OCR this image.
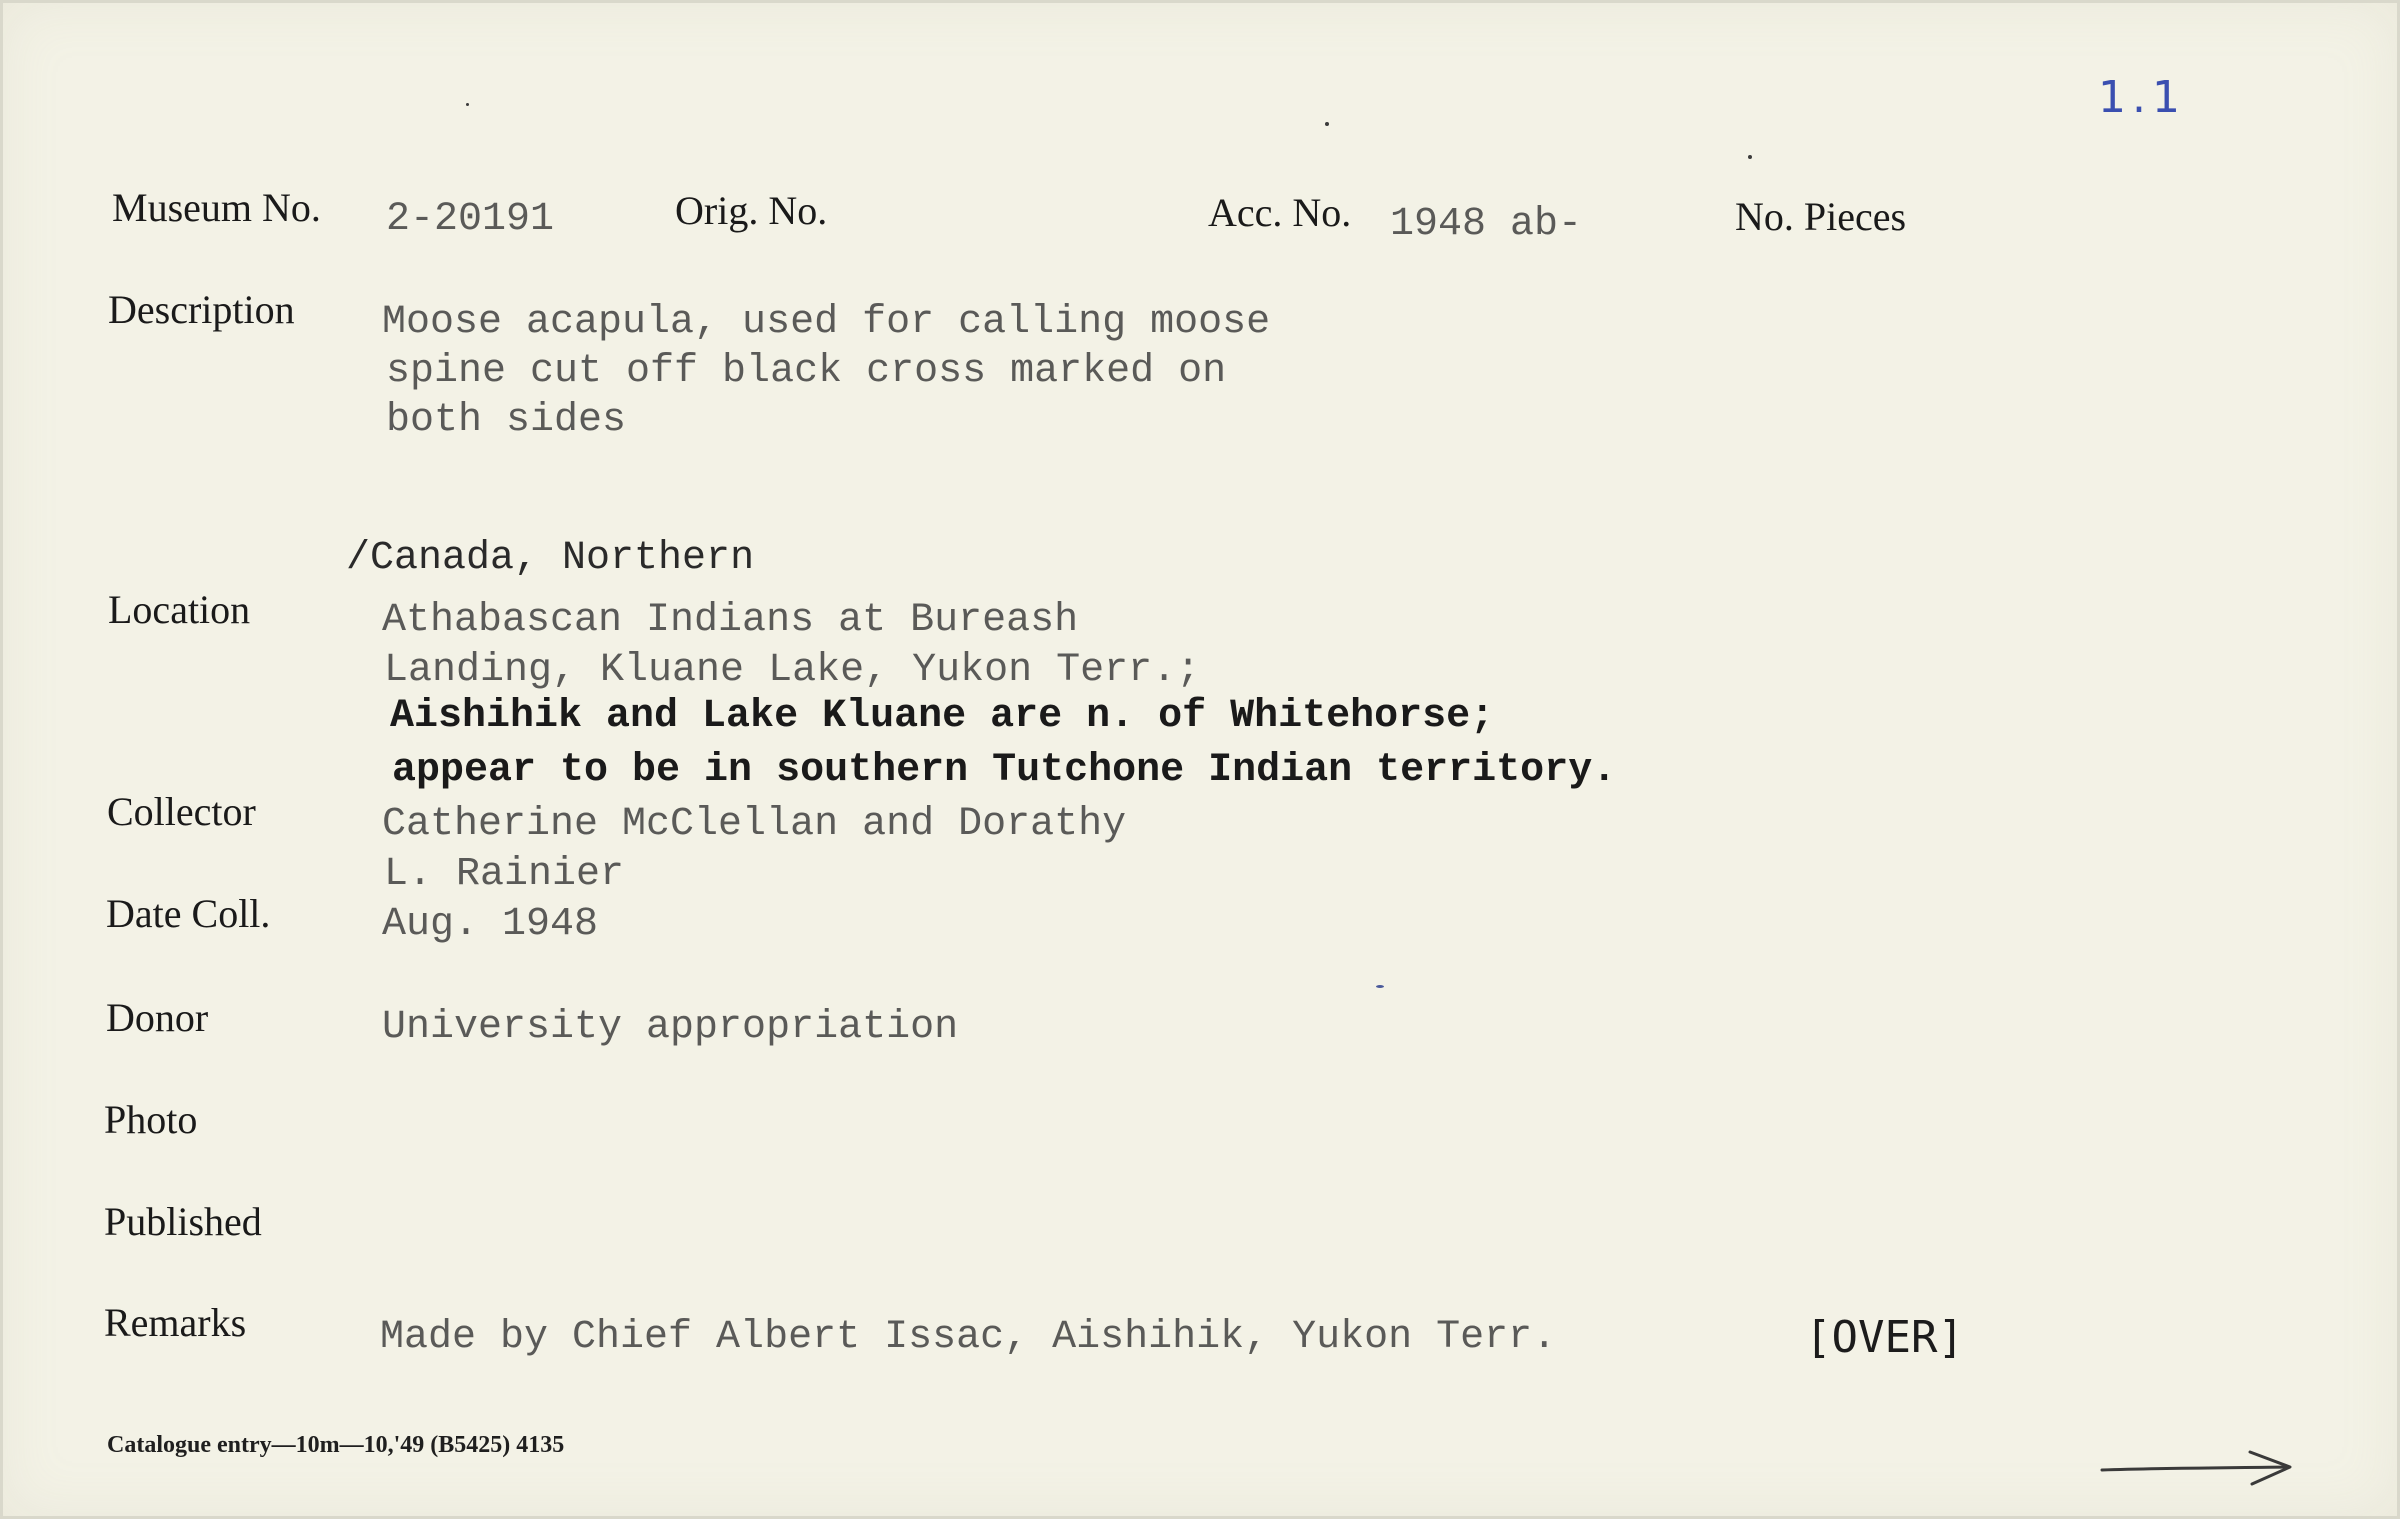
1.1
Museum No. 2-20191	Orig. No.	Acc. No. 1948 ab-	No. Pieces
Description Moose acapula, used for calling moose
spine cut off black cross marked on
both sides
/Canada, Northern
Location	Athabascan Indians at Bureash
Landing, Kluane Lake, Yukon Terr.;
Aishihik and Lake Kluane are n. of Whitehorse;
appear to be in southern Tutchone Indian territory.
Collector	Catherine McClellan and Dorathy
L. Rainier
Date Coll.	Aug. 1948
Donor	University appropriation
Photo
Published
Remarks	Made by Chief Albert Issac, Aishihik, Yukon Terr.	[OVER]
Catalogue entry—10m—10,'49 (B5425) 4135
